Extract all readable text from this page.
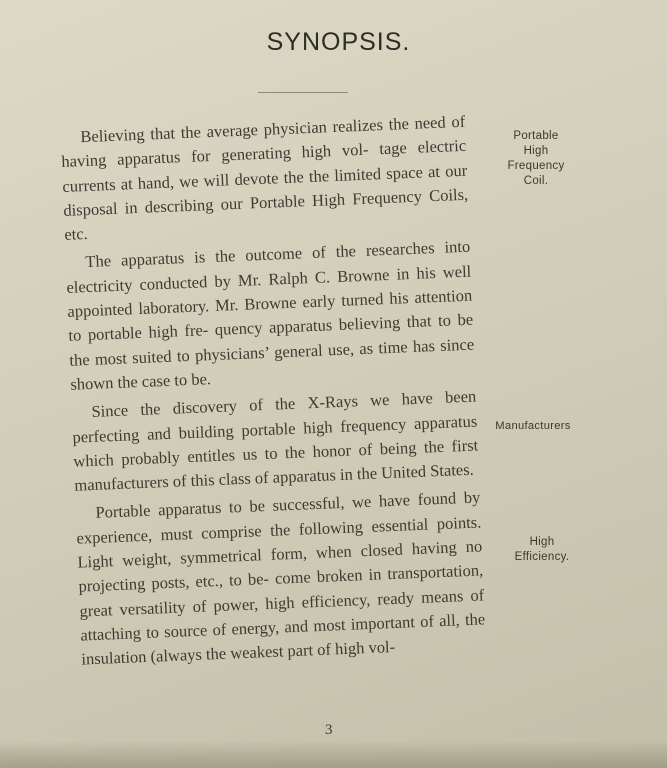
SYNOPSIS.

Believing that the average physician realizes the need of having apparatus for generating high vol- tage electric currents at hand, we will devote the the limited space at our disposal in describing our Portable High Frequency Coils, etc.

The apparatus is the outcome of the researches into electricity conducted by Mr. Ralph C. Browne in his well appointed laboratory. Mr. Browne early turned his attention to portable high fre- quency apparatus believing that to be the most suited to physicians’ general use, as time has since shown the case to be.

Since the discovery of the X-Rays we have been perfecting and building portable high frequency apparatus which probably entitles us to the honor of being the first manufacturers of this class of apparatus in the United States.

Portable apparatus to be successful, we have found by experience, must comprise the following essential points. Light weight, symmetrical form, when closed having no projecting posts, etc., to be- come broken in transportation, great versatility of power, high efficiency, ready means of attaching to source of energy, and most important of all, the insulation (always the weakest part of high vol-

Portable
High
Frequency
Coil.
Manufacturers
High
Efficiency.
3
